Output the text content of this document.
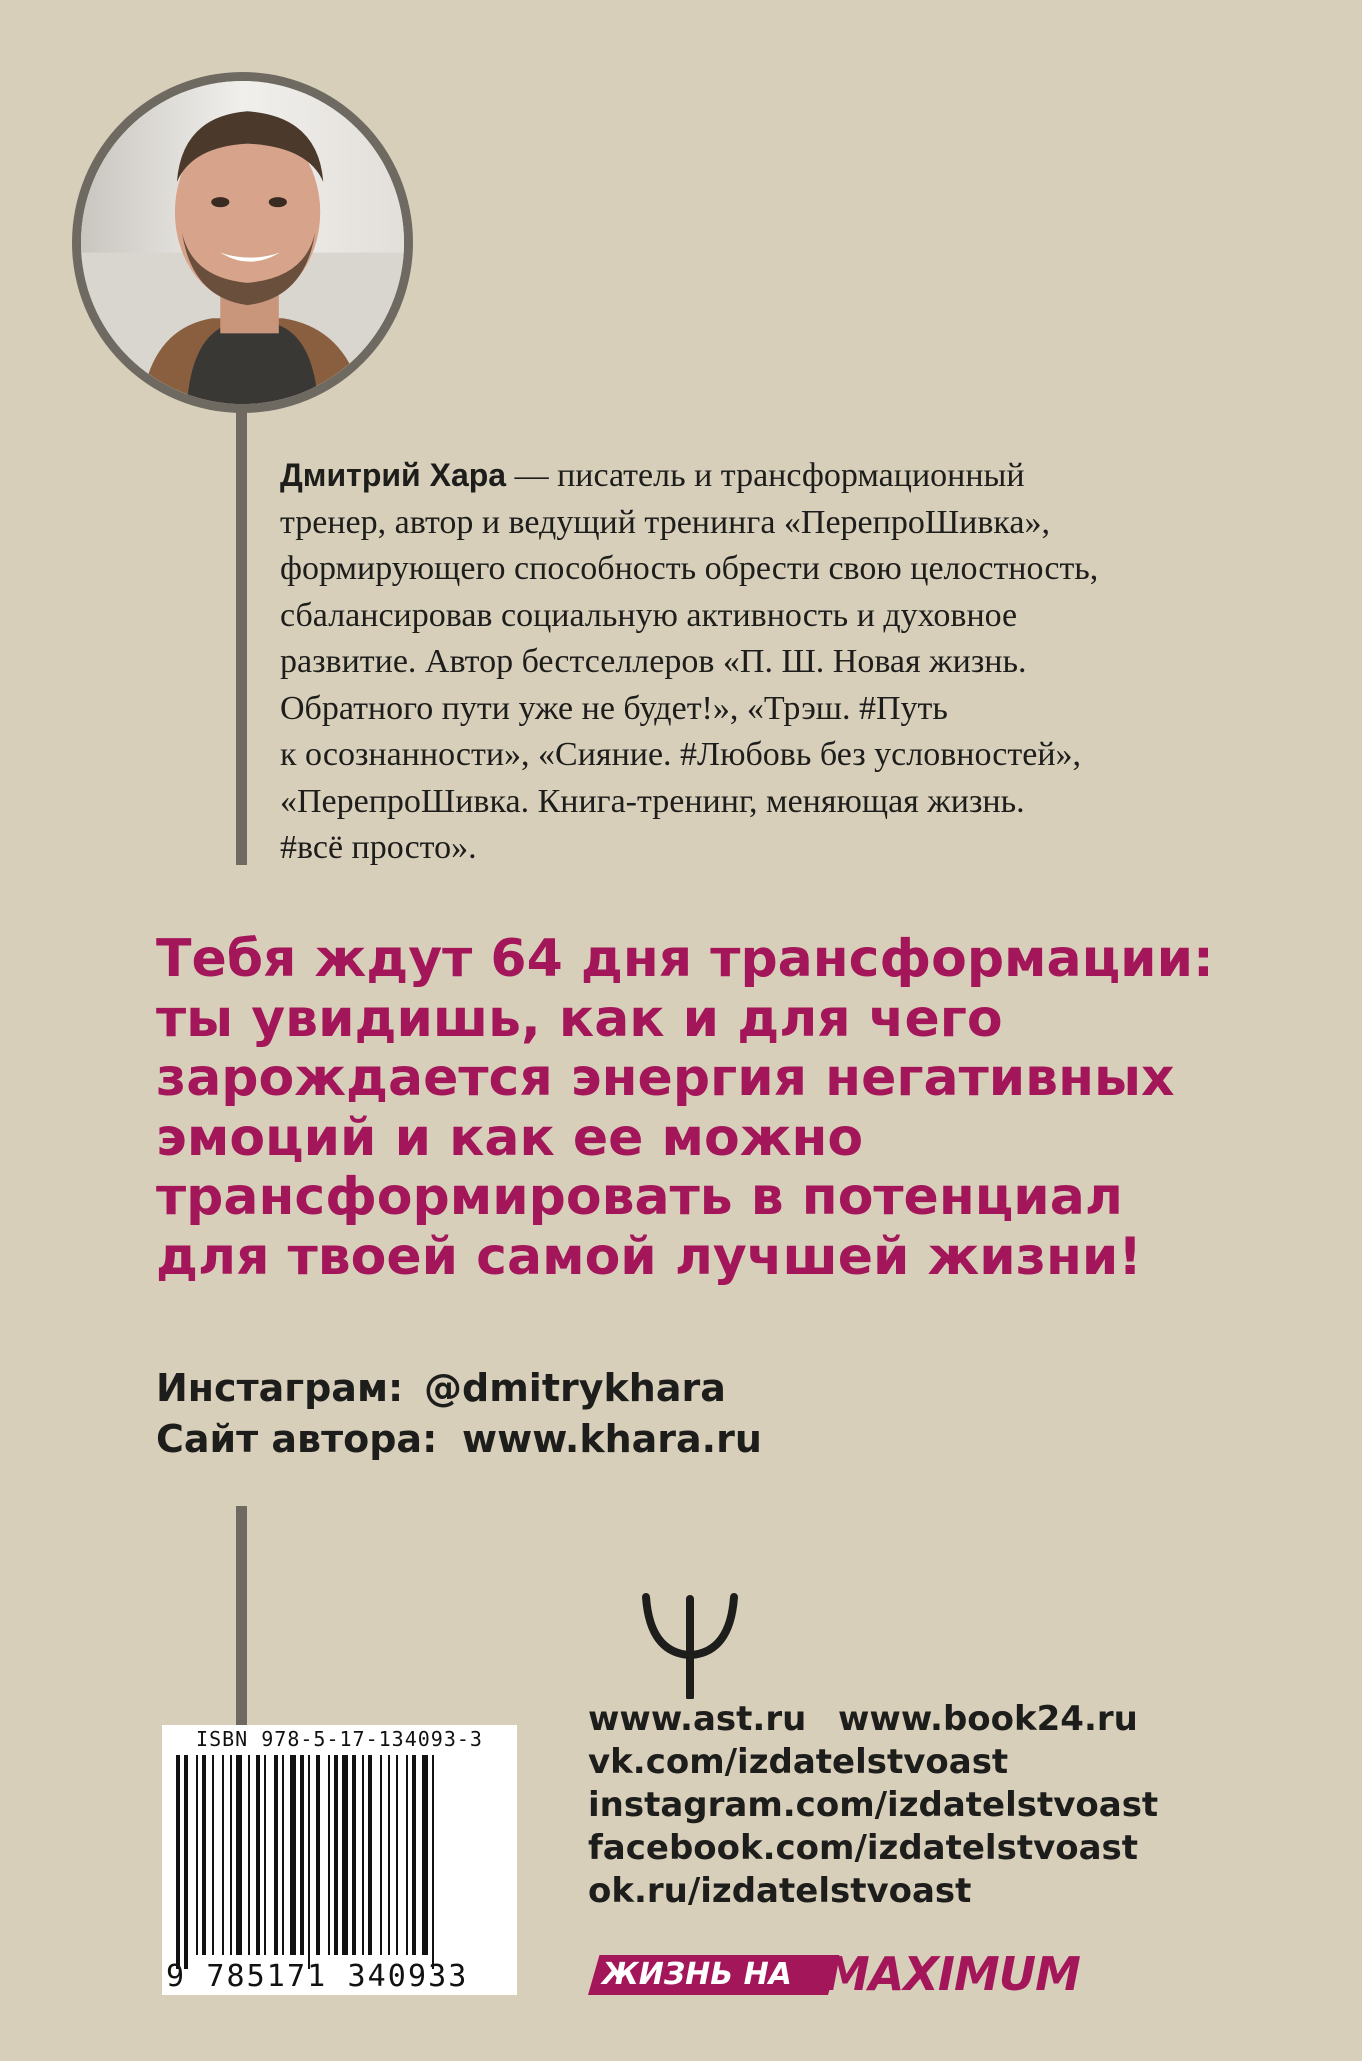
Дмитрий Хара — писатель и трансформационный
тренер, автор и ведущий тренинга «ПерепроШивка»,
формирующего способность обрести свою целостность,
сбалансировав социальную активность и духовное
развитие. Автор бестселлеров «П. Ш. Новая жизнь.
Обратного пути уже не будет!», «Трэш. #Путь
к осознанности», «Сияние. #Любовь без условностей»,
«ПерепроШивка. Книга-тренинг, меняющая жизнь.
#всё просто».
Тебя ждут 64 дня трансформации:
ты увидишь, как и для чего
зарождается энергия негативных
эмоций и как ее можно
трансформировать в потенциал
для твоей самой лучшей жизни!
Инстаграм: @dmitrykhara
Сайт автора: www.khara.ru
www.ast.ru www.book24.ru
vk.com/izdatelstvoast
instagram.com/izdatelstvoast
facebook.com/izdatelstvoast
ok.ru/izdatelstvoast
ISBN 978-5-17-134093-3
9 785171 340933	ЖИЗНЬ НА MAXIMUM
